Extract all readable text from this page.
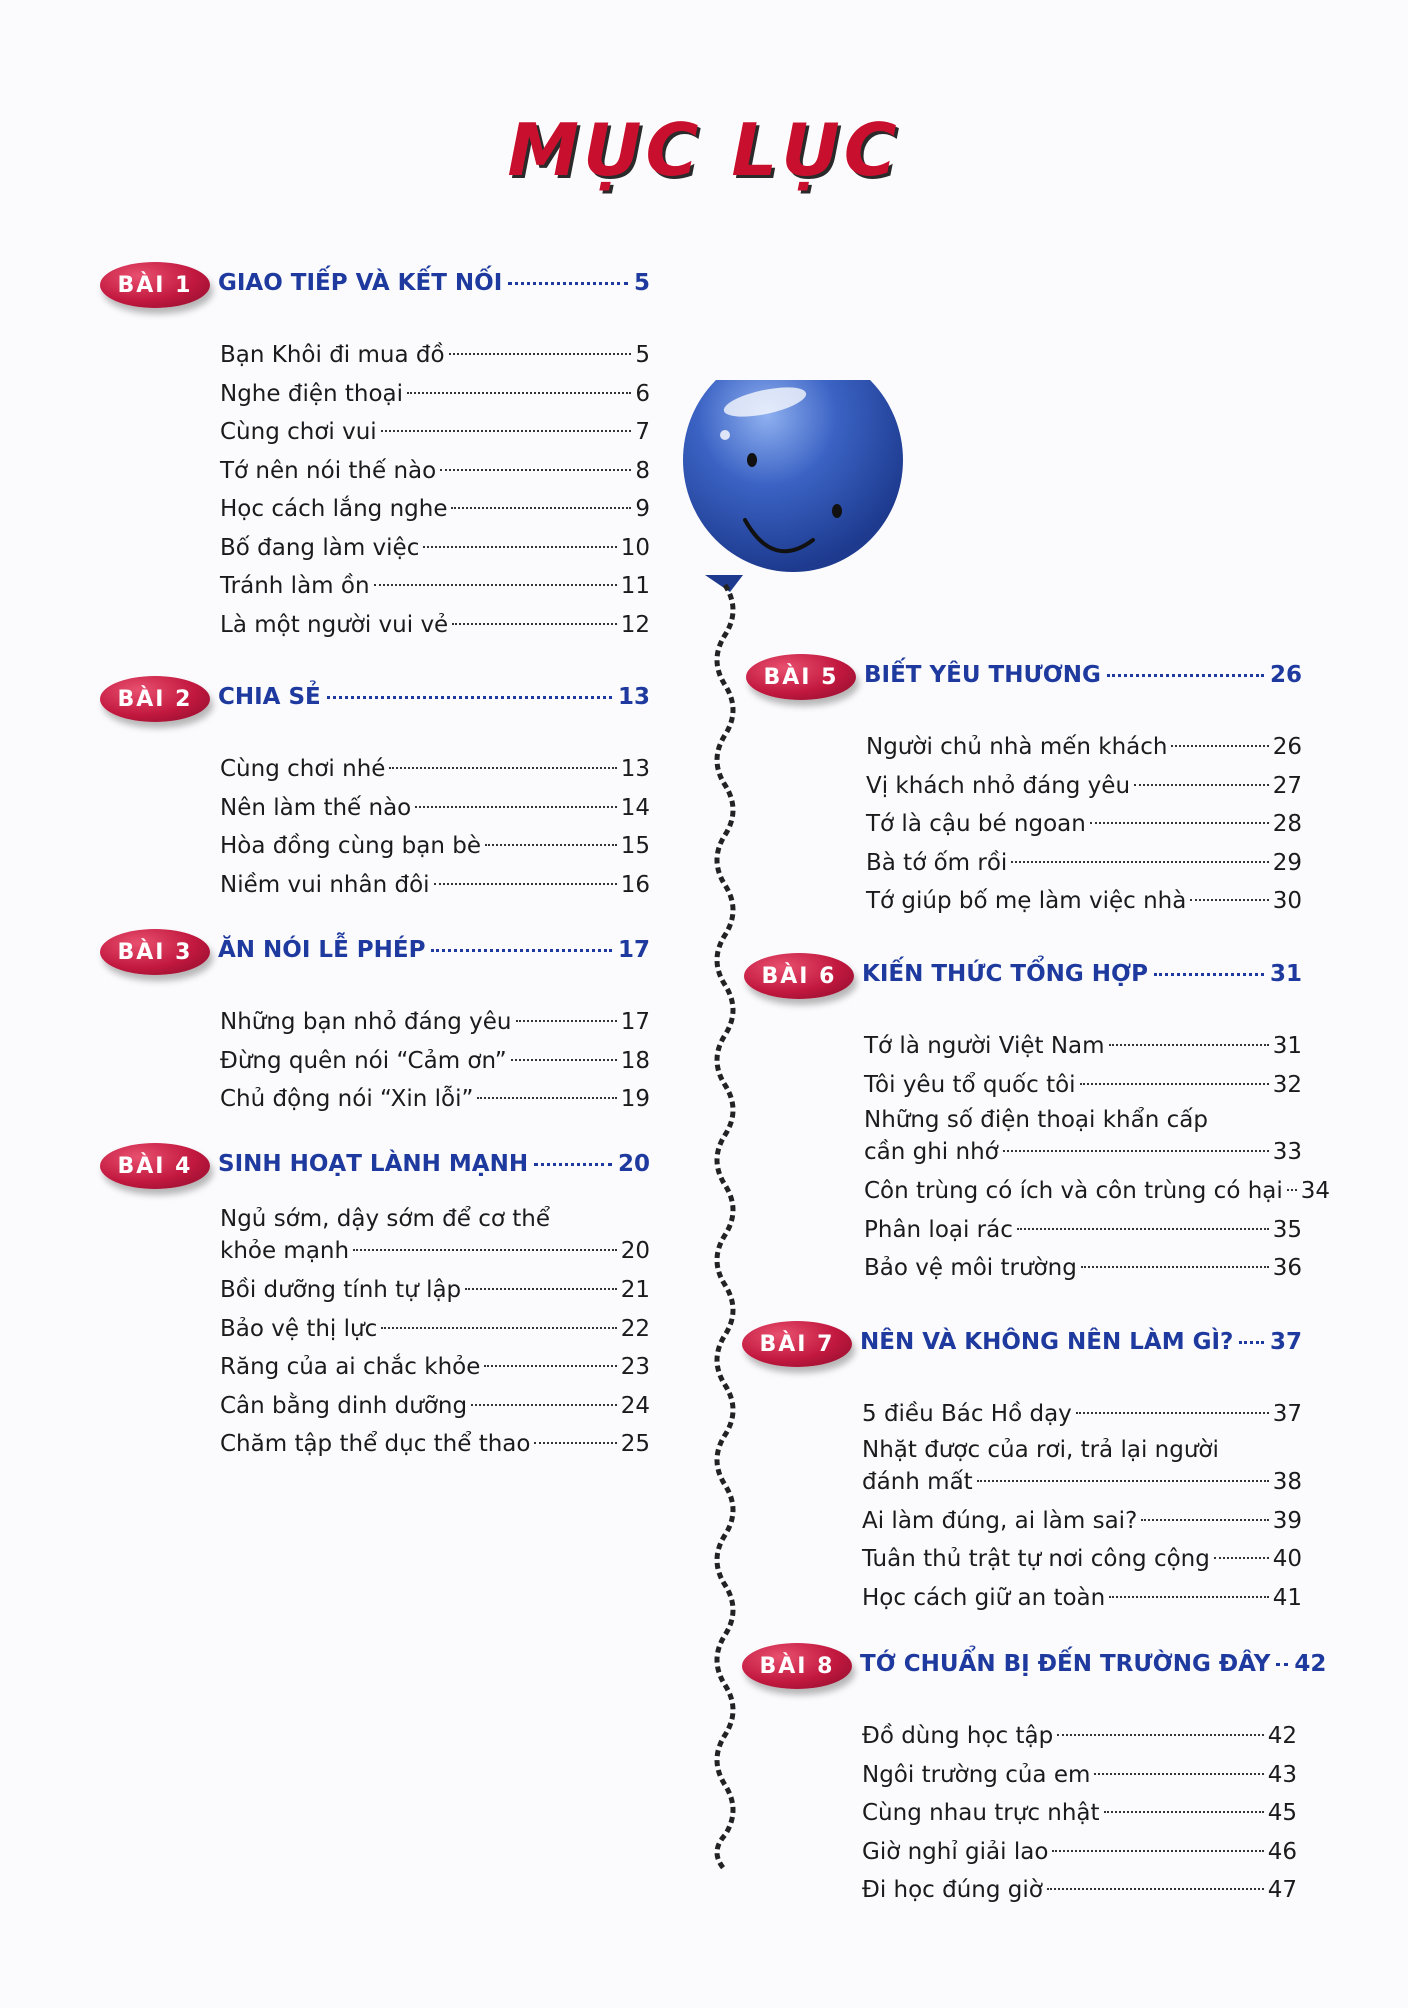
MỤC LỤC
BÀI 1	GIAO TIẾP VÀ KẾT NỐI	5
Bạn Khôi đi mua đồ	5
Nghe điện thoại	6
Cùng chơi vui	7
Tớ nên nói thế nào	8
Học cách lắng nghe	9
Bố đang làm việc	10
Tránh làm ồn	11
Là một người vui vẻ	12
BÀI 2	CHIA SẺ	13
Cùng chơi nhé	13
Nên làm thế nào	14
Hòa đồng cùng bạn bè	15
Niềm vui nhân đôi	16
BÀI 3	ĂN NÓI LỄ PHÉP	17
Những bạn nhỏ đáng yêu	17
Đừng quên nói “Cảm ơn”	18
Chủ động nói “Xin lỗi”	19
BÀI 4	SINH HOẠT LÀNH MẠNH	20
Ngủ sớm, dậy sớm để cơ thể
khỏe mạnh	20
Bồi dưỡng tính tự lập	21
Bảo vệ thị lực	22
Răng của ai chắc khỏe	23
Cân bằng dinh dưỡng	24
Chăm tập thể dục thể thao	25
BÀI 5	BIẾT YÊU THƯƠNG	26
Người chủ nhà mến khách	26
Vị khách nhỏ đáng yêu	27
Tớ là cậu bé ngoan	28
Bà tớ ốm rồi	29
Tớ giúp bố mẹ làm việc nhà	30
BÀI 6	KIẾN THỨC TỔNG HỢP	31
Tớ là người Việt Nam	31
Tôi yêu tổ quốc tôi	32
Những số điện thoại khẩn cấp
cần ghi nhớ	33
Côn trùng có ích và côn trùng có hại 34
Phân loại rác	35
Bảo vệ môi trường	36
BÀI 7	NÊN VÀ KHÔNG NÊN LÀM GÌ? 37
5 điều Bác Hồ dạy	37
Nhặt được của rơi, trả lại người
đánh mất	38
Ai làm đúng, ai làm sai?	39
Tuân thủ trật tự nơi công cộng	40
Học cách giữ an toàn	41
BÀI 8	TỚ CHUẨN BỊ ĐẾN TRƯỜNG ĐÂY 42
Đồ dùng học tập	42
Ngôi trường của em	43
Cùng nhau trực nhật	45
Giờ nghỉ giải lao	46
Đi học đúng giờ	47
